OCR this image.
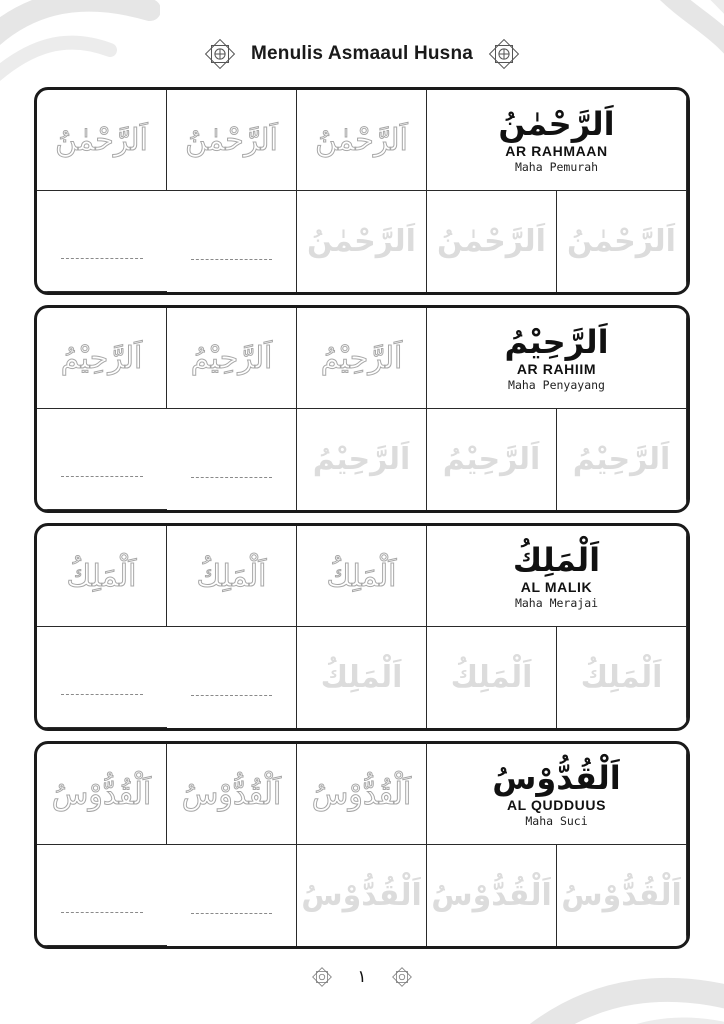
Menulis Asmaaul Husna
اَلرَّحْمٰنُ اَلرَّحْمٰنُ اَلرَّحْمٰنُ	اَلرَّحْمٰنُ
AR RAHMAAN
Maha Pemurah
اَلرَّحْمٰنُ اَلرَّحْمٰنُ اَلرَّحْمٰنُ
اَلرَّحِيْمُ اَلرَّحِيْمُ اَلرَّحِيْمُ	اَلرَّحِيْمُ
AR RAHIIM
Maha Penyayang
اَلرَّحِيْمُ اَلرَّحِيْمُ اَلرَّحِيْمُ
اَلْمَلِكُ اَلْمَلِكُ اَلْمَلِكُ	اَلْمَلِكُ
AL MALIK
Maha Merajai
اَلْمَلِكُ اَلْمَلِكُ اَلْمَلِكُ
اَلْقُدُّوْسُ اَلْقُدُّوْسُ اَلْقُدُّوْسُ	اَلْقُدُّوْسُ
AL QUDDUUS
Maha Suci
اَلْقُدُّوْسُ اَلْقُدُّوْسُ اَلْقُدُّوْسُ
١
